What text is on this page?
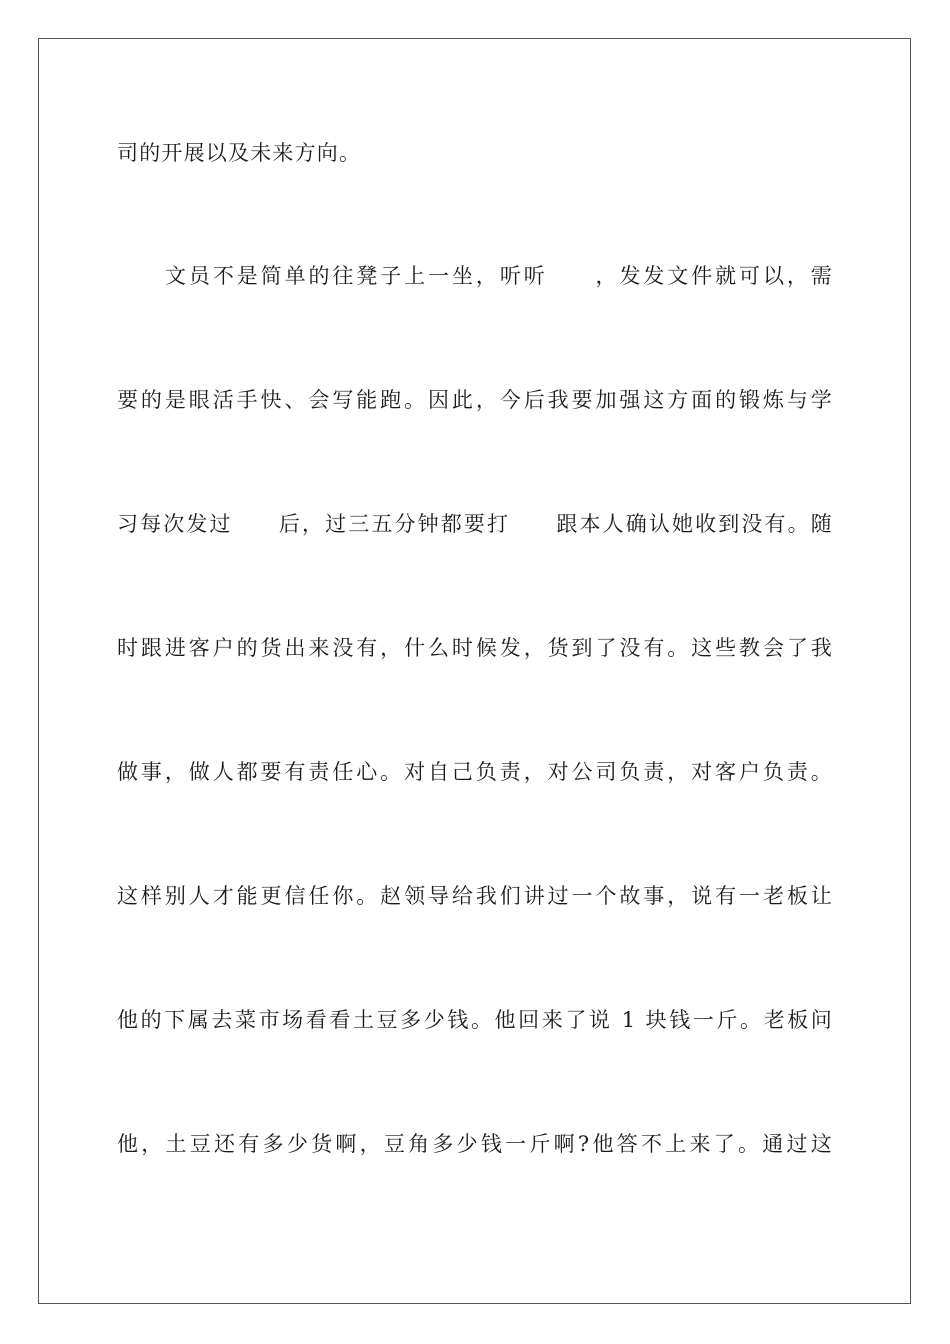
司的开展以及未来方向。
文员不是简单的往凳子上一坐，听听　　，发发文件就可以，需
要的是眼活手快、会写能跑。因此，今后我要加强这方面的锻炼与学
习每次发过　　后，过三五分钟都要打　　跟本人确认她收到没有。随
时跟进客户的货出来没有，什么时候发，货到了没有。这些教会了我
做事，做人都要有责任心。对自己负责，对公司负责，对客户负责。
这样别人才能更信任你。赵领导给我们讲过一个故事，说有一老板让
他的下属去菜市场看看土豆多少钱。他回来了说 1 块钱一斤。老板问
他，土豆还有多少货啊，豆角多少钱一斤啊?他答不上来了。通过这
